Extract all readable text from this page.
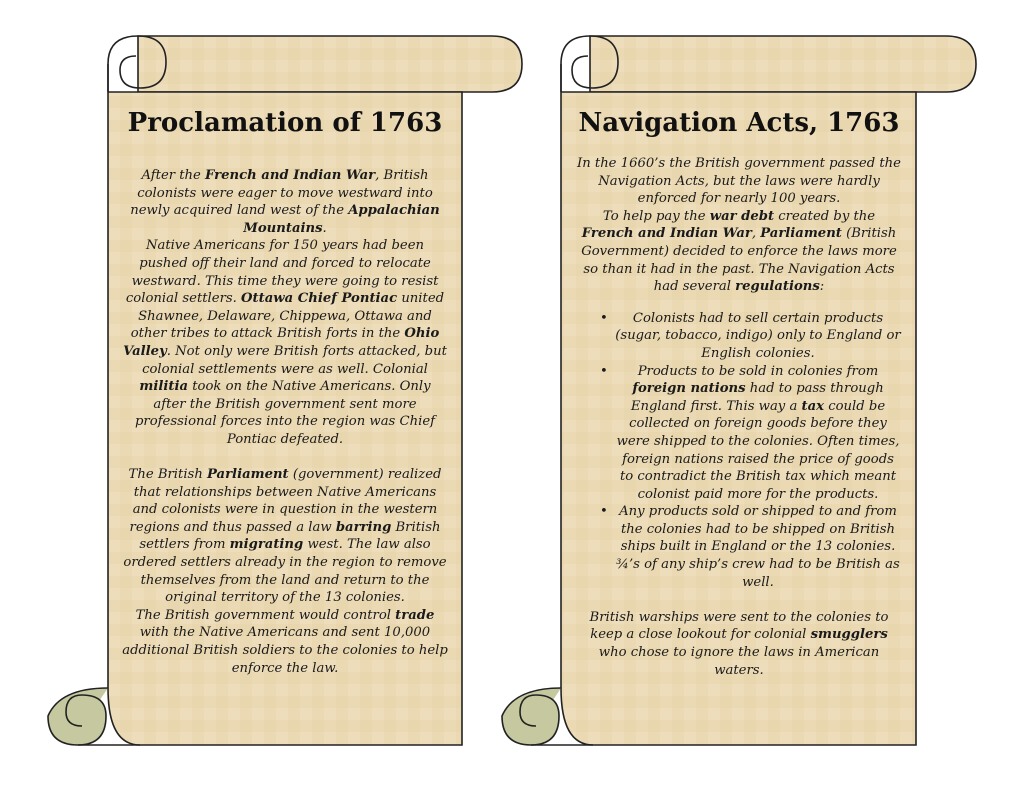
Proclamation of 1763

After the French and Indian War, British colonists were eager to move westward into newly acquired land west of the Appalachian Mountains.

Native Americans for 150 years had been pushed off their land and forced to relocate westward. This time they were going to resist colonial settlers. Ottawa Chief Pontiac united Shawnee, Delaware, Chippewa, Ottawa and other tribes to attack British forts in the Ohio Valley. Not only were British forts attacked, but colonial settlements were as well. Colonial militia took on the Native Americans. Only after the British government sent more professional forces into the region was Chief Pontiac defeated.

The British Parliament (government) realized that relationships between Native Americans and colonists were in question in the western regions and thus passed a law barring British settlers from migrating west. The law also ordered settlers already in the region to remove themselves from the land and return to the original territory of the 13 colonies.

The British government would control trade with the Native Americans and sent 10,000 additional British soldiers to the colonies to help enforce the law.

Navigation Acts, 1763

In the 1660’s the British government passed the Navigation Acts, but the laws were hardly enforced for nearly 100 years.

To help pay the war debt created by the French and Indian War, Parliament (British Government) decided to enforce the laws more so than it had in the past. The Navigation Acts had several regulations:

• Colonists had to sell certain products (sugar, tobacco, indigo) only to England or English colonies.
• Products to be sold in colonies from foreign nations had to pass through England first. This way a tax could be collected on foreign goods before they were shipped to the colonies. Often times, foreign nations raised the price of goods to contradict the British tax which meant colonist paid more for the products.
• Any products sold or shipped to and from the colonies had to be shipped on British ships built in England or the 13 colonies. ¾’s of any ship’s crew had to be British as well.

British warships were sent to the colonies to keep a close lookout for colonial smugglers who chose to ignore the laws in American waters.
